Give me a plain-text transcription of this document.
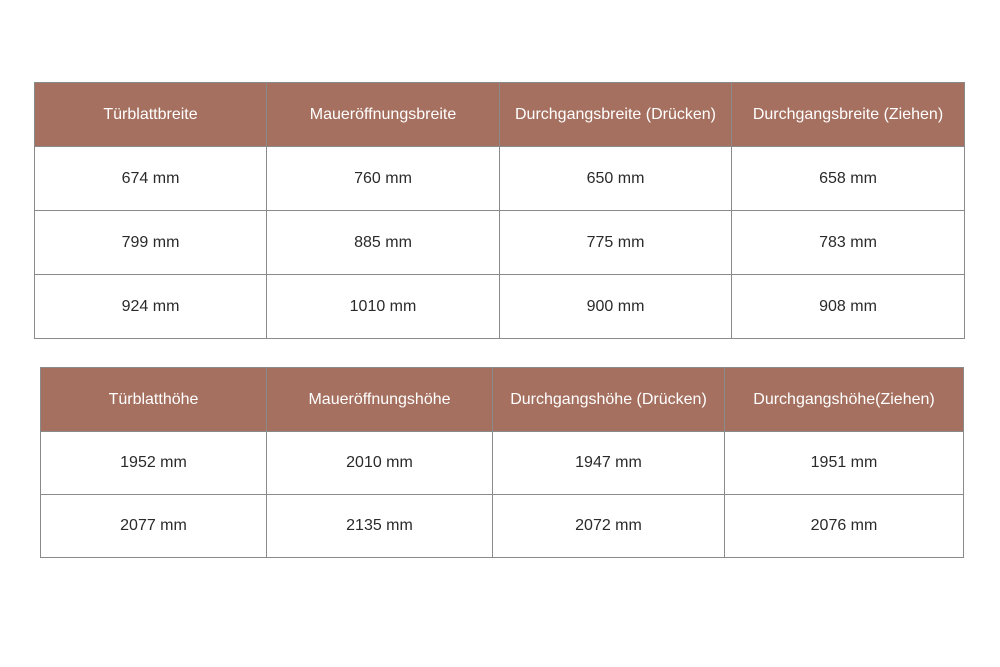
Türblattbreite	Maueröffnungsbreite	Durchgangsbreite (Drücken)	Durchgangsbreite (Ziehen)
674 mm	760 mm	650 mm	658 mm
799 mm	885 mm	775 mm	783 mm
924 mm	1010 mm	900 mm	908 mm
Türblatthöhe	Maueröffnungshöhe	Durchgangshöhe (Drücken)	Durchgangshöhe(Ziehen)
1952 mm	2010 mm	1947 mm	1951 mm
2077 mm	2135 mm	2072 mm	2076 mm
